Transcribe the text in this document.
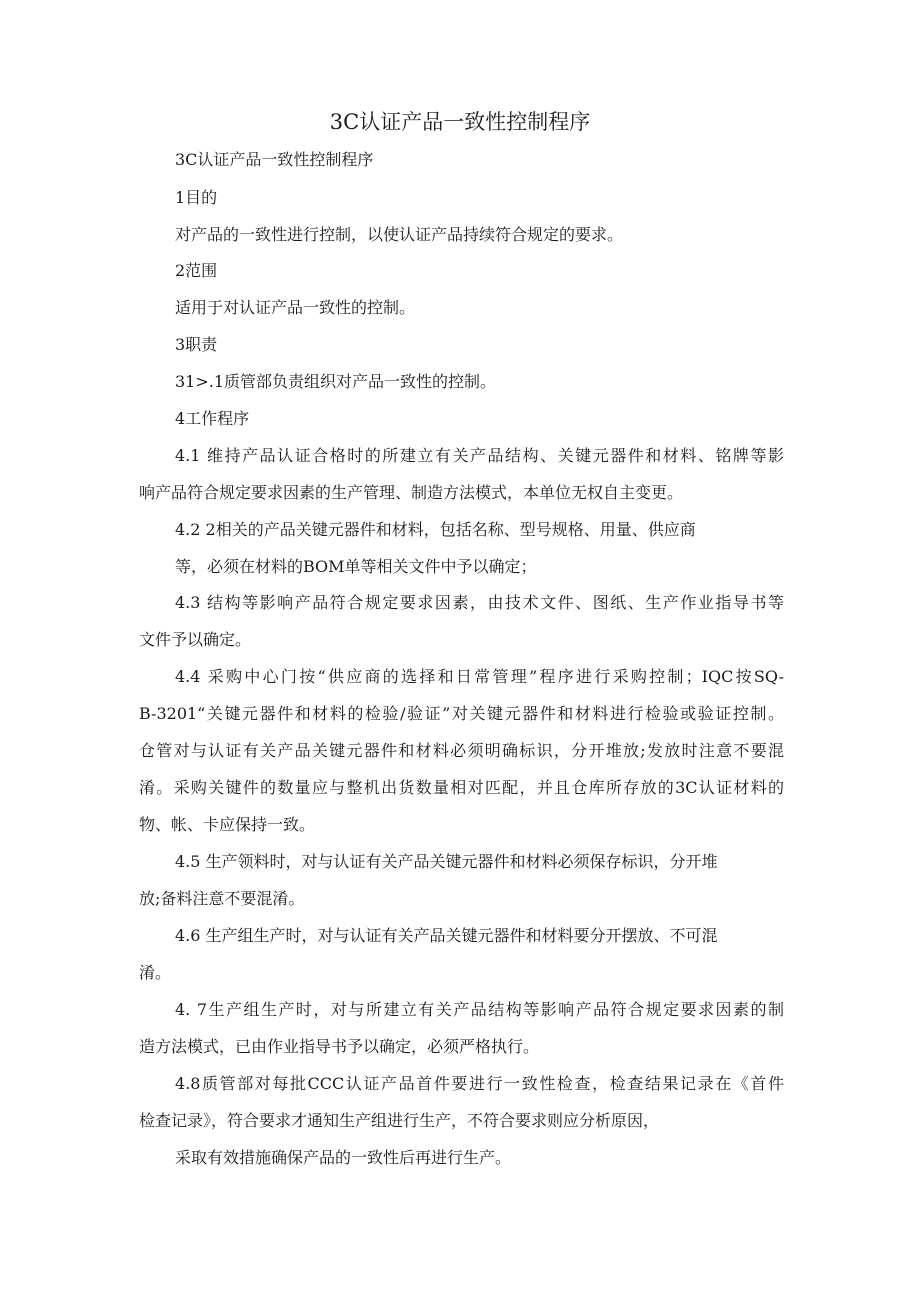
3C认证产品一致性控制程序

3C认证产品一致性控制程序

1目的

对产品的一致性进行控制，以使认证产品持续符合规定的要求。

2范围

适用于对认证产品一致性的控制。

3职责

31>.1质管部负责组织对产品一致性的控制。

4工作程序

4.1 维持产品认证合格时的所建立有关产品结构、关键元器件和材料、铭牌等影

响产品符合规定要求因素的生产管理、制造方法模式，本单位无权自主变更。

4.2 2相关的产品关键元器件和材料，包括名称、型号规格、用量、供应商

等，必须在材料的BOM单等相关文件中予以确定；

4.3 结构等影响产品符合规定要求因素，由技术文件、图纸、生产作业指导书等

文件予以确定。

4.4 采购中心门按“供应商的选择和日常管理”程序进行采购控制；IQC按SQ-

B-3201“关键元器件和材料的检验/验证”对关键元器件和材料进行检验或验证控制。

仓管对与认证有关产品关键元器件和材料必须明确标识，分开堆放;发放时注意不要混

淆。采购关键件的数量应与整机出货数量相对匹配，并且仓库所存放的3C认证材料的

物、帐、卡应保持一致。

4.5 生产领料时，对与认证有关产品关键元器件和材料必须保存标识，分开堆

放;备料注意不要混淆。

4.6 生产组生产时，对与认证有关产品关键元器件和材料要分开摆放、不可混

淆。

4. 7生产组生产时，对与所建立有关产品结构等影响产品符合规定要求因素的制

造方法模式，已由作业指导书予以确定，必须严格执行。

4.8质管部对每批CCC认证产品首件要进行一致性检查，检查结果记录在《首件

检查记录》，符合要求才通知生产组进行生产，不符合要求则应分析原因，

采取有效措施确保产品的一致性后再进行生产。
